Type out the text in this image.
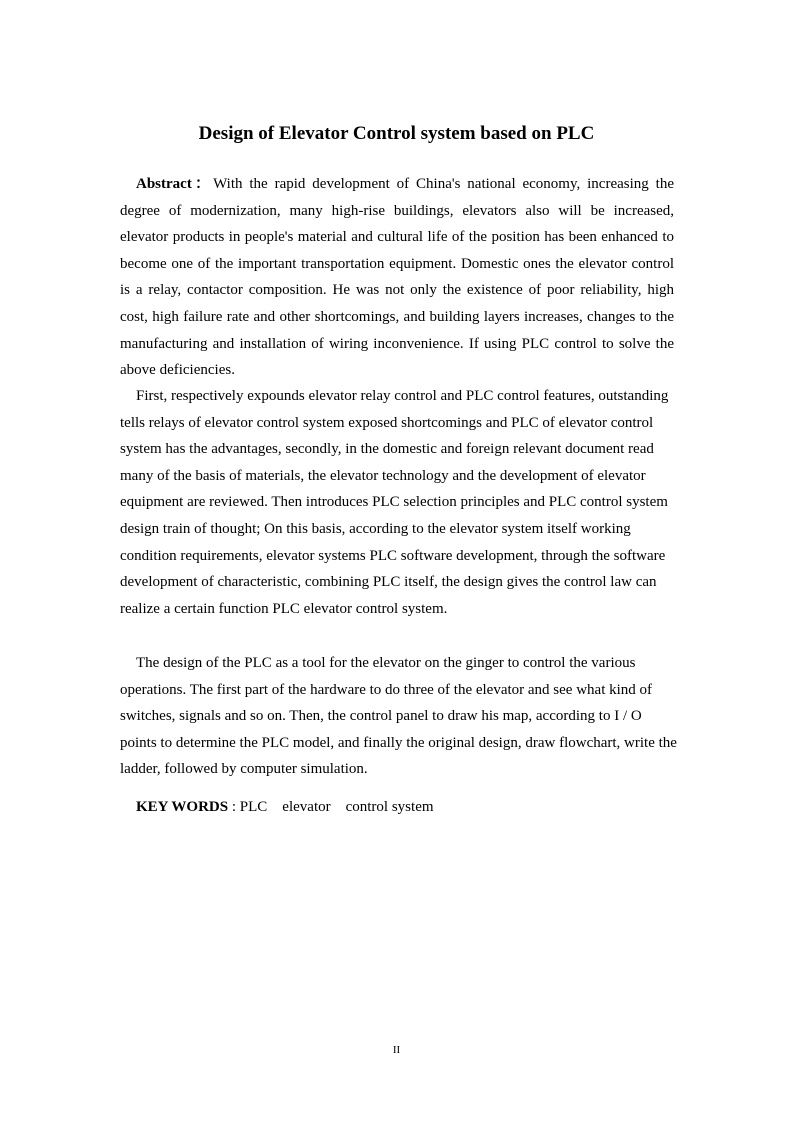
Design of Elevator Control system based on PLC
Abstract：With the rapid development of China's national economy, increasing the degree of modernization, many high-rise buildings, elevators also will be increased, elevator products in people's material and cultural life of the position has been enhanced to become one of the important transportation equipment. Domestic ones the elevator control is a relay, contactor composition. He was not only the existence of poor reliability, high cost, high failure rate and other shortcomings, and building layers increases, changes to the manufacturing and installation of wiring inconvenience. If using PLC control to solve the above deficiencies.
First, respectively expounds elevator relay control and PLC control features, outstanding tells relays of elevator control system exposed shortcomings and PLC of elevator control system has the advantages, secondly, in the domestic and foreign relevant document read many of the basis of materials, the elevator technology and the development of elevator equipment are reviewed. Then introduces PLC selection principles and PLC control system design train of thought; On this basis, according to the elevator system itself working condition requirements, elevator systems PLC software development, through the software development of characteristic, combining PLC itself, the design gives the control law can realize a certain function PLC elevator control system.
The design of the PLC as a tool for the elevator on the ginger to control the various operations. The first part of the hardware to do three of the elevator and see what kind of switches, signals and so on. Then, the control panel to draw his map, according to I / O points to determine the PLC model, and finally the original design, draw flowchart, write the ladder, followed by computer simulation.
KEY WORDS : PLC elevator control system
II
